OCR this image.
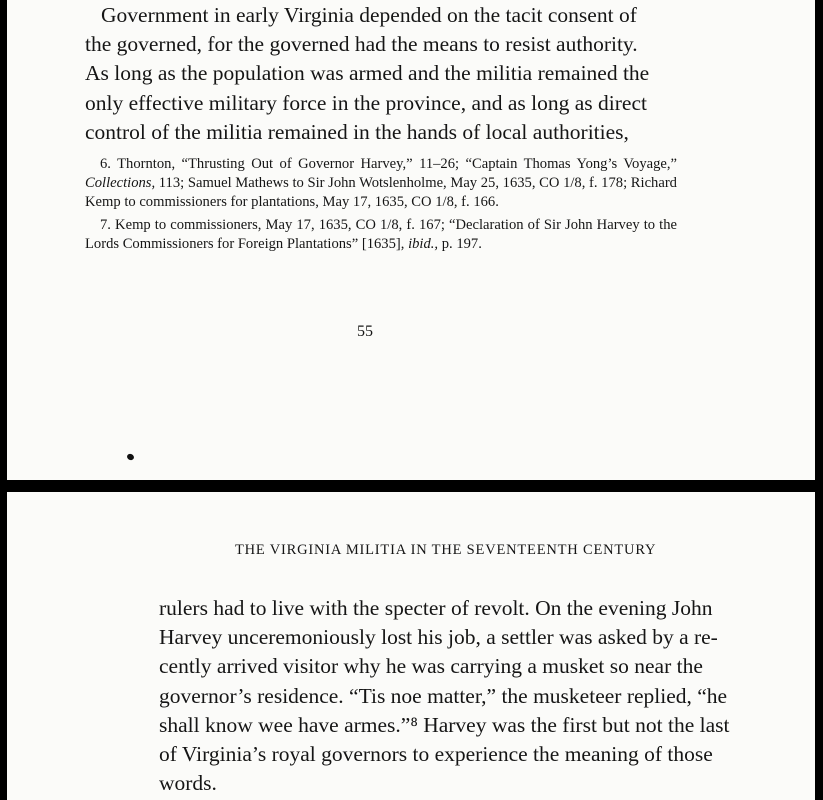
Government in early Virginia depended on the tacit consent of
the governed, for the governed had the means to resist authority.
As long as the population was armed and the militia remained the
only effective military force in the province, and as long as direct
control of the militia remained in the hands of local authorities,

6. Thornton, “Thrusting Out of Governor Harvey,” 11–26; “Captain Thomas Yong’s Voyage,” Collections, 113; Samuel Mathews to Sir John Wotslenholme, May 25, 1635, CO 1/8, f. 178; Richard Kemp to commissioners for plantations, May 17, 1635, CO 1/8, f. 166.

7. Kemp to commissioners, May 17, 1635, CO 1/8, f. 167; “Declaration of Sir John Harvey to the Lords Commissioners for Foreign Plantations” [1635], ibid., p. 197.

55
THE VIRGINIA MILITIA IN THE SEVENTEENTH CENTURY
rulers had to live with the specter of revolt. On the evening John
Harvey unceremoniously lost his job, a settler was asked by a re-
cently arrived visitor why he was carrying a musket so near the
governor’s residence. “Tis noe matter,” the musketeer replied, “he
shall know wee have armes.”⁸ Harvey was the first but not the last
of Virginia’s royal governors to experience the meaning of those
words.
